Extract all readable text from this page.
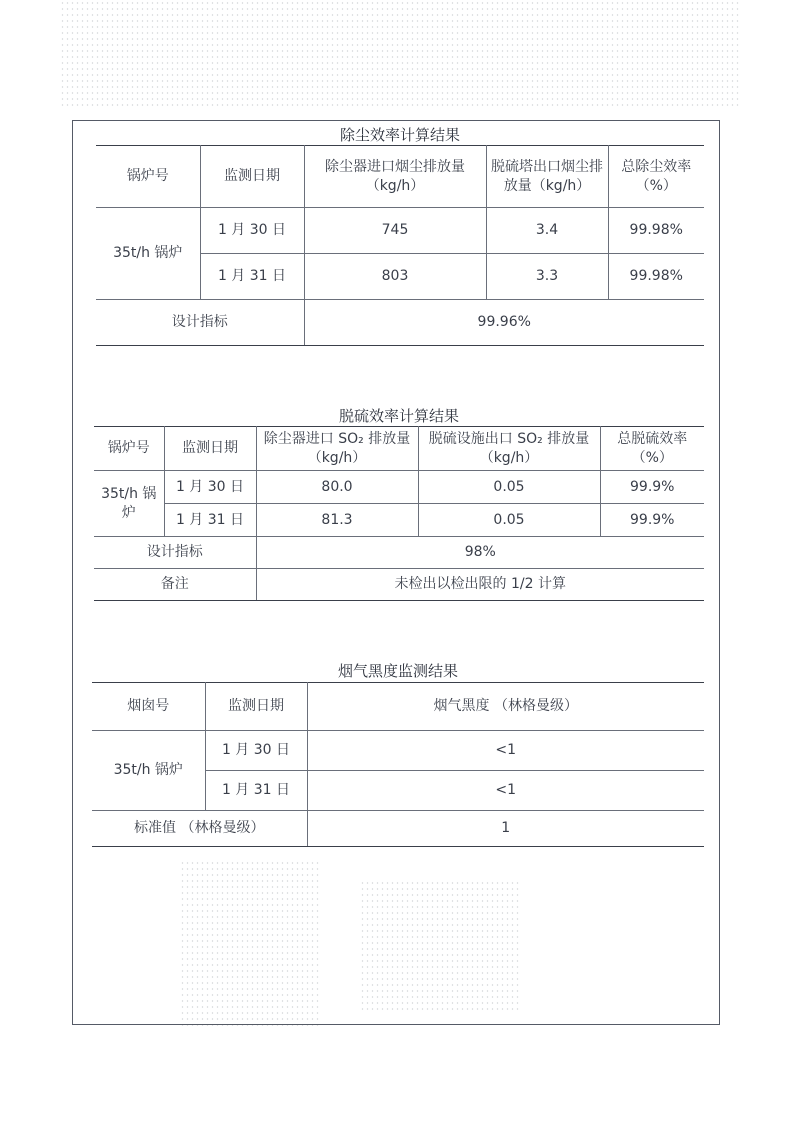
除尘效率计算结果
锅炉号	监测日期	除尘器进口烟尘排放量（kg/h）	脱硫塔出口烟尘排放量（kg/h）	总除尘效率（%）
35t/h 锅炉	1 月 30 日	745	3.4	99.98%
	1 月 31 日	803	3.3	99.98%
设计指标		99.96%		
脱硫效率计算结果
锅炉号	监测日期	除尘器进口 SO₂ 排放量（kg/h）	脱硫设施出口 SO₂ 排放量（kg/h）	总脱硫效率（%）
35t/h 锅炉	1 月 30 日	80.0	0.05	99.9%
	1 月 31 日	81.3	0.05	99.9%
设计指标		98%		
备注		未检出以检出限的 1/2 计算		
烟气黑度监测结果
烟囱号	监测日期	烟气黑度 （林格曼级）
35t/h 锅炉	1 月 30 日	<1
	1 月 31 日	<1
标准值 （林格曼级）		1
